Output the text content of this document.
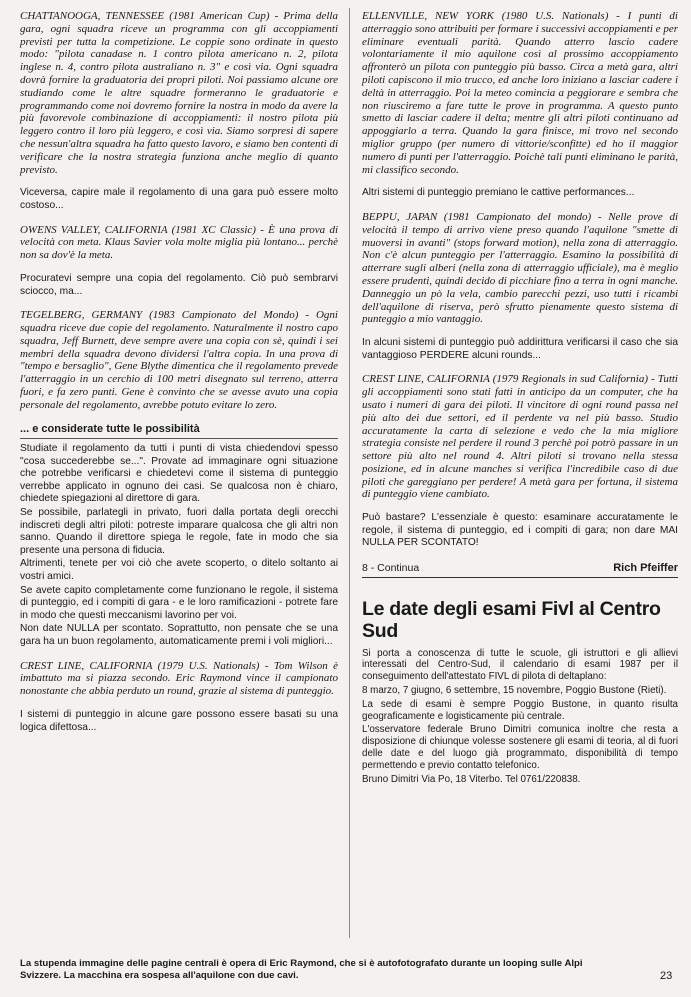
CHATTANOOGA, TENNESSEE (1981 American Cup) - Prima della gara, ogni squadra riceve un programma con gli accoppiamenti previsti per tutta la competizione. Le coppie sono ordinate in questo modo: "pilota canadase n. 1 contro pilota americano n. 2, pilota inglese n. 4, contro pilota australiano n. 3" e così via. Ogni squadra dovrà fornire la graduatoria dei propri piloti. Noi passiamo alcune ore studiando come le altre squadre formeranno le graduatorie e programmando come noi dovremo fornire la nostra in modo da avere la più favorevole combinazione di accoppiamenti: il nostro pilota più leggero contro il loro più leggero, e così via. Siamo sorpresi di sapere che nessun'altra squadra ha fatto questo lavoro, e siamo ben contenti di verificare che la nostra strategia funziona anche meglio di quanto previsto.

Viceversa, capire male il regolamento di una gara può essere molto costoso...

OWENS VALLEY, CALIFORNIA (1981 XC Classic) - È una prova di velocità con meta. Klaus Savier vola molte miglia più lontano... perchè non sa dov'è la meta.

Procuratevi sempre una copia del regolamento. Ciò può sembrarvi sciocco, ma...

TEGELBERG, GERMANY (1983 Campionato del Mondo) - Ogni squadra riceve due copie del regolamento. Naturalmente il nostro capo squadra, Jeff Burnett, deve sempre avere una copia con sè, quindi i sei membri della squadra devono dividersi l'altra copia. In una prova di "tempo e bersaglio", Gene Blythe dimentica che il regolamento prevede l'atterraggio in un cerchio di 100 metri disegnato sul terreno, atterra fuori, e fa zero punti. Gene è convinto che se avesse avuto una copia personale del regolamento, avrebbe potuto evitare lo zero.

... e considerate tutte le possibilità

Studiate il regolamento da tutti i punti di vista chiedendovi spesso "cosa succederebbe se...". Provate ad immaginare ogni situazione che potrebbe verificarsi e chiedetevi come il sistema di punteggio verrebbe applicato in ognuno dei casi. Se qualcosa non è chiaro, chiedete spiegazioni al direttore di gara.

Se possibile, parlategli in privato, fuori dalla portata degli orecchi indiscreti degli altri piloti: potreste imparare qualcosa che gli altri non sanno. Quando il direttore spiega le regole, fate in modo che sia presente una persona di fiducia.

Altrimenti, tenete per voi ciò che avete scoperto, o ditelo soltanto ai vostri amici.

Se avete capito completamente come funzionano le regole, il sistema di punteggio, ed i compiti di gara - e le loro ramificazioni - potrete fare in modo che questi meccanismi lavorino per voi.

Non date NULLA per scontato. Soprattutto, non pensate che se una gara ha un buon regolamento, automaticamente premi i voli migliori...

CREST LINE, CALIFORNIA (1979 U.S. Nationals) - Tom Wilson è imbattuto ma si piazza secondo. Eric Raymond vince il campionato nonostante che abbia perduto un round, grazie al sistema di punteggio.

I sistemi di punteggio in alcune gare possono essere basati su una logica difettosa...

ELLENVILLE, NEW YORK (1980 U.S. Nationals) - I punti di atterraggio sono attribuiti per formare i successivi accoppiamenti e per eliminare eventuali parità. Quando atterro lascio cadere volontariamente il mio aquilone così al prossimo accoppiamento affronterò un pilota con punteggio più basso. Circa a metà gara, altri piloti capiscono il mio trucco, ed anche loro iniziano a lasciar cadere i deltà in atterraggio. Poi la meteo comincia a peggiorare e sembra che non riusciremo a fare tutte le prove in programma. A questo punto smetto di lasciar cadere il delta; mentre gli altri piloti continuano ad appoggiarlo a terra. Quando la gara finisce, mi trovo nel secondo miglior gruppo (per numero di vittorie/sconfitte) ed ho il maggior numero di punti per l'atterraggio. Poichè tali punti eliminano le parità, mi classifico secondo.

Altri sistemi di punteggio premiano le cattive performances...

BEPPU, JAPAN (1981 Campionato del mondo) - Nelle prove di velocità il tempo di arrivo viene preso quando l'aquilone "smette di muoversi in avanti" (stops forward motion), nella zona di atterraggio. Non c'è alcun punteggio per l'atterraggio. Esamino la possibilità di atterrare sugli alberi (nella zona di atterraggio ufficiale), ma è meglio essere prudenti, quindi decido di picchiare fino a terra in ogni manche. Danneggio un pò la vela, cambio parecchi pezzi, uso tutti i ricambi dell'aquilone di riserva, però sfrutto pienamente questo sistema di punteggio a mio vantaggio.

In alcuni sistemi di punteggio può addirittura verificarsi il caso che sia vantaggioso PERDERE alcuni rounds...

CREST LINE, CALIFORNIA (1979 Regionals in sud California) - Tutti gli accoppiamenti sono stati fatti in anticipo da un computer, che ha usato i numeri di gara dei piloti. Il vincitore di ogni round passa nel più alto dei due settori, ed il perdente va nel più basso. Studio accuratamente la carta di selezione e vedo che la mia migliore strategia consiste nel perdere il round 3 perchè poi potrò passare in un settore più alto nel round 4. Altri piloti si trovano nella stessa posizione, ed in alcune manches si verifica l'incredibile caso di due piloti che gareggiano per perdere! A metà gara per fortuna, il sistema di punteggio viene cambiato.

Può bastare? L'essenziale è questo: esaminare accuratamente le regole, il sistema di punteggio, ed i compiti di gara; non dare MAI NULLA PER SCONTATO!

8 - Continua	Rich Pfeiffer
Le date degli esami Fivl al Centro Sud

Si porta a conoscenza di tutte le scuole, gli istruttori e gli allievi interessati del Centro-Sud, il calendario di esami 1987 per il conseguimento dell'attestato FIVL di pilota di deltaplano:

8 marzo, 7 giugno, 6 settembre, 15 novembre, Poggio Bustone (Rieti).

La sede di esami è sempre Poggio Bustone, in quanto risulta geograficamente e logisticamente più centrale.

L'osservatore federale Bruno Dimitri comunica inoltre che resta a disposizione di chiunque volesse sostenere gli esami di teoria, al di fuori delle date e del luogo già programmato, disponibilità di tempo permettendo e previo contatto telefonico.

Bruno Dimitri Via Po, 18 Viterbo. Tel 0761/220838.

La stupenda immagine delle pagine centrali è opera di Eric Raymond, che si è autofotografato durante un looping sulle Alpi Svizzere. La macchina era sospesa all'aquilone con due cavi.	23
